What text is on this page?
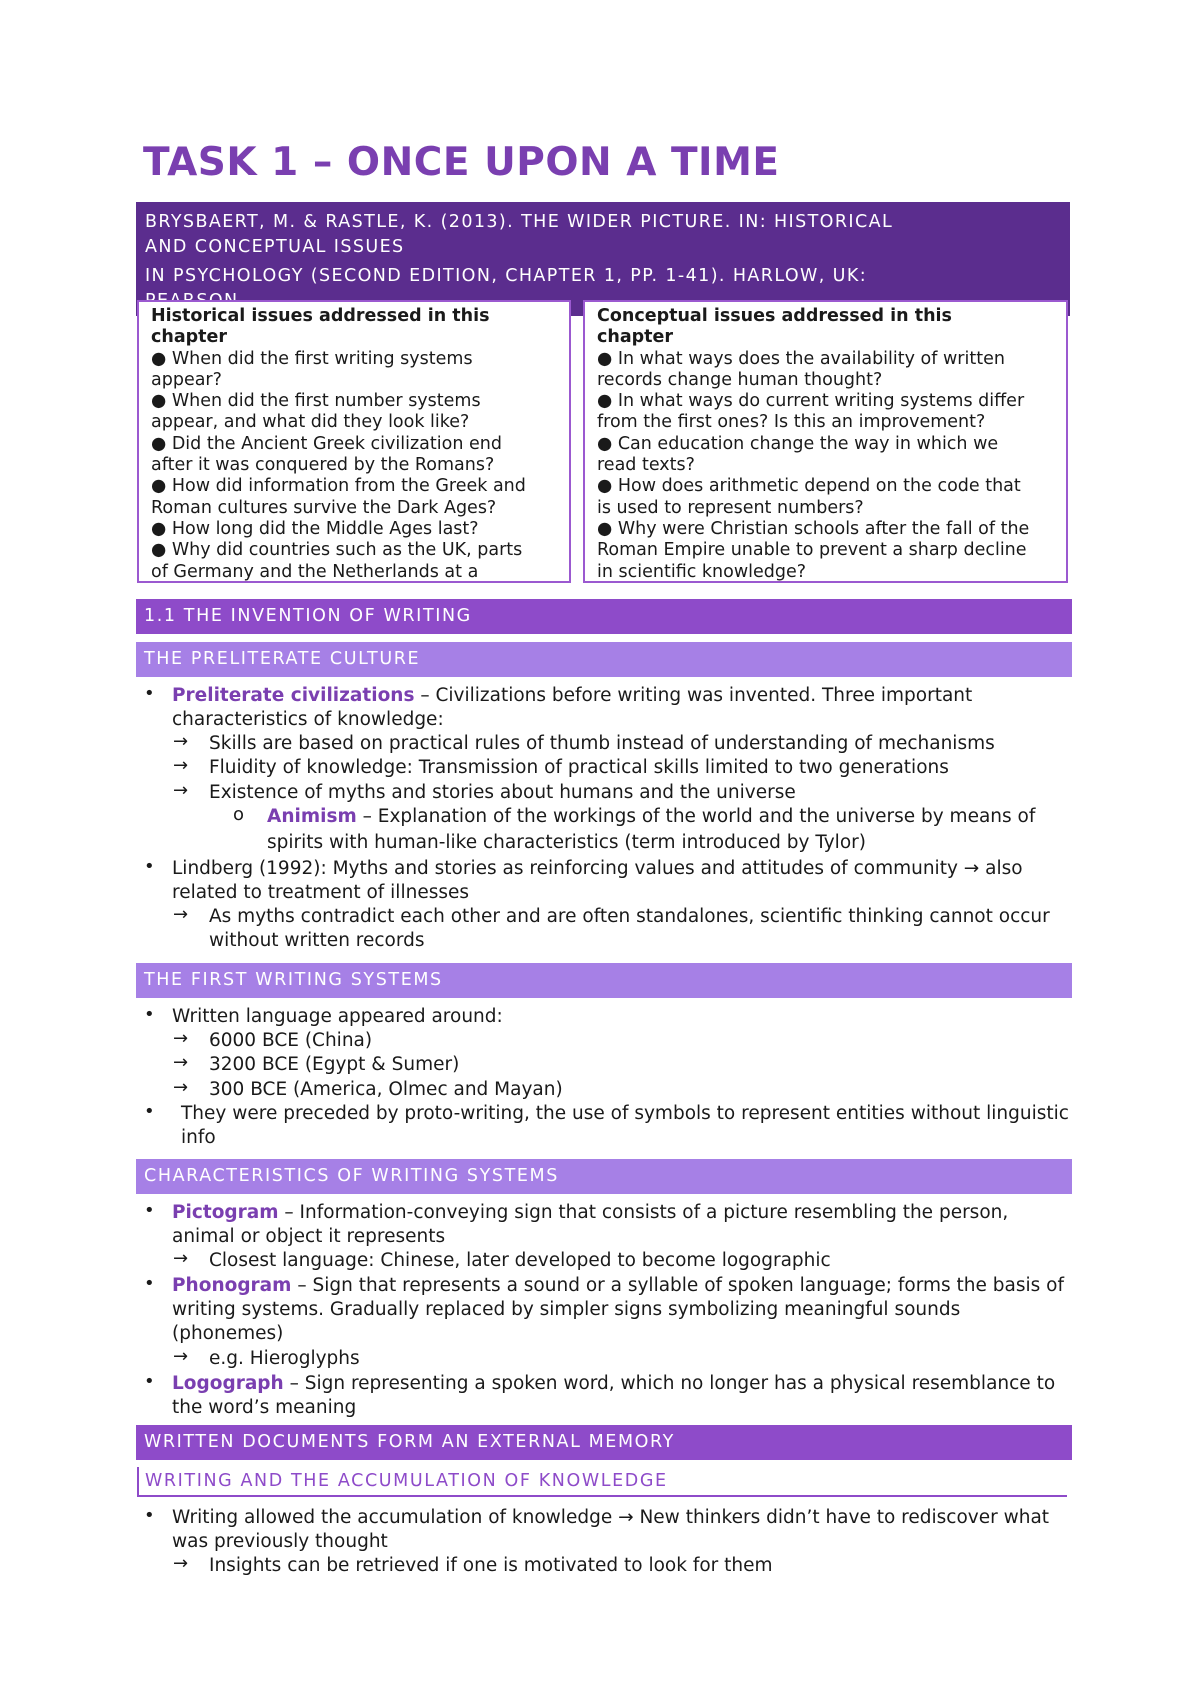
TASK 1 – ONCE UPON A TIME
BRYSBAERT, M. & RASTLE, K. (2013). THE WIDER PICTURE. IN: HISTORICAL
AND CONCEPTUAL ISSUES
IN PSYCHOLOGY (SECOND EDITION, CHAPTER 1, PP. 1-41). HARLOW, UK:
Historical issues addressed in this
chapter
● When did the first writing systems
appear?
● When did the first number systems
appear, and what did they look like?
● Did the Ancient Greek civilization end
after it was conquered by the Romans?
● How did information from the Greek and
Roman cultures survive the Dark Ages?
● How long did the Middle Ages last?
● Why did countries such as the UK, parts
of Germany and the Netherlands at a
Conceptual issues addressed in this
chapter
● In what ways does the availability of written
records change human thought?
● In what ways do current writing systems differ
from the first ones? Is this an improvement?
● Can education change the way in which we
read texts?
● How does arithmetic depend on the code that
is used to represent numbers?
● Why were Christian schools after the fall of the
Roman Empire unable to prevent a sharp decline
in scientific knowledge?
1.1 THE INVENTION OF WRITING
THE PRELITERATE CULTURE
• Preliterate civilizations – Civilizations before writing was invented. Three important
characteristics of knowledge:
→ Skills are based on practical rules of thumb instead of understanding of mechanisms
→ Fluidity of knowledge: Transmission of practical skills limited to two generations
→ Existence of myths and stories about humans and the universe
o Animism – Explanation of the workings of the world and the universe by means of
spirits with human-like characteristics (term introduced by Tylor)
• Lindberg (1992): Myths and stories as reinforcing values and attitudes of community → also
related to treatment of illnesses
→ As myths contradict each other and are often standalones, scientific thinking cannot occur
without written records
THE FIRST WRITING SYSTEMS
• Written language appeared around:
→ 6000 BCE (China)
→ 3200 BCE (Egypt & Sumer)
→ 300 BCE (America, Olmec and Mayan)
• They were preceded by proto-writing, the use of symbols to represent entities without linguistic
info
CHARACTERISTICS OF WRITING SYSTEMS
• Pictogram – Information-conveying sign that consists of a picture resembling the person,
animal or object it represents
→ Closest language: Chinese, later developed to become logographic
• Phonogram – Sign that represents a sound or a syllable of spoken language; forms the basis of
writing systems. Gradually replaced by simpler signs symbolizing meaningful sounds
(phonemes)
→ e.g. Hieroglyphs
• Logograph – Sign representing a spoken word, which no longer has a physical resemblance to
the word’s meaning
WRITTEN DOCUMENTS FORM AN EXTERNAL MEMORY
WRITING AND THE ACCUMULATION OF KNOWLEDGE
• Writing allowed the accumulation of knowledge → New thinkers didn’t have to rediscover what
was previously thought
→ Insights can be retrieved if one is motivated to look for them
